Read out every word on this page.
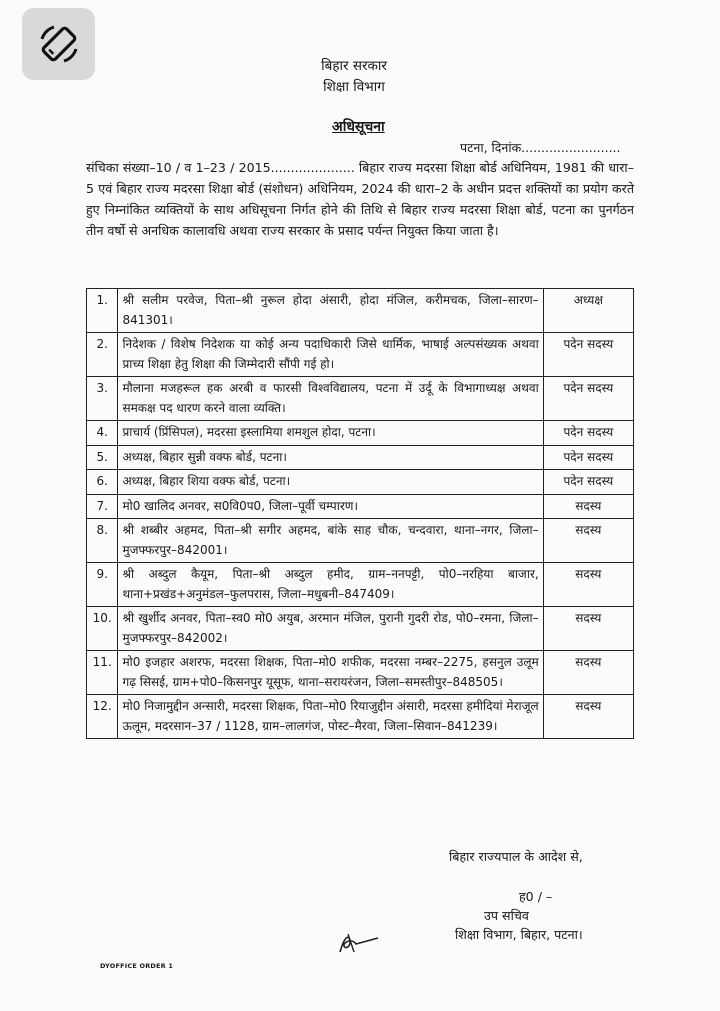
बिहार सरकार
शिक्षा विभाग
अधिसूचना
पटना, दिनांक.........................
संचिका संख्या–10 / व 1–23 / 2015..................... बिहार राज्य मदरसा शिक्षा बोर्ड अधिनियम, 1981 की धारा–5 एवं बिहार राज्य मदरसा शिक्षा बोर्ड (संशोधन) अधिनियम, 2024 की धारा–2 के अधीन प्रदत्त शक्तियों का प्रयोग करते हुए निम्नांकित व्यक्तियों के साथ अधिसूचना निर्गत होने की तिथि से बिहार राज्य मदरसा शिक्षा बोर्ड, पटना का पुनर्गठन तीन वर्षो से अनधिक कालावधि अथवा राज्य सरकार के प्रसाद पर्यन्त नियुक्त किया जाता है।
1.	श्री सलीम परवेज, पिता–श्री नुरूल होदा अंसारी, होदा मंजिल, करीमचक, जिला–सारण–841301।	अध्यक्ष
2.	निदेशक / विशेष निदेशक या कोई अन्य पदाधिकारी जिसे धार्मिक, भाषाई अल्पसंख्यक अथवा प्राच्य शिक्षा हेतु शिक्षा की जिम्मेदारी सौंपी गई हो।	पदेन सदस्य
3.	मौलाना मजहरूल हक अरबी व फारसी विश्वविद्यालय, पटना में उर्दू के विभागाध्यक्ष अथवा समकक्ष पद धारण करने वाला व्यक्ति।	पदेन सदस्य
4.	प्राचार्य (प्रिंसिपल), मदरसा इस्लामिया शमशुल होदा, पटना।	पदेन सदस्य
5.	अध्यक्ष, बिहार सुन्नी वक्फ बोर्ड, पटना।	पदेन सदस्य
6.	अध्यक्ष, बिहार शिया वक्फ बोर्ड, पटना।	पदेन सदस्य
7.	मो0 खालिद अनवर, स0वि0प0, जिला–पूर्वी चम्पारण।	सदस्य
8.	श्री शब्बीर अहमद, पिता–श्री सगीर अहमद, बांके साह चौक, चन्दवारा, थाना–नगर, जिला–मुजफ्फरपुर–842001।	सदस्य
9.	श्री अब्दुल कैयूम, पिता–श्री अब्दुल हमीद, ग्राम–ननपट्टी, पो0–नरहिया बाजार, थाना+प्रखंड+अनुमंडल–फुलपरास, जिला–मधुबनी–847409।	सदस्य
10.	श्री खुर्शीद अनवर, पिता–स्व0 मो0 अयुब, अरमान मंजिल, पुरानी गुदरी रोड, पो0–रमना, जिला–मुजफ्फरपुर–842002।	सदस्य
11.	मो0 इजहार अशरफ, मदरसा शिक्षक, पिता–मो0 शफीक, मदरसा नम्बर–2275, हसनुल उलूम गढ़ सिसई, ग्राम+पो0–किसनपुर यूसूफ, थाना–सरायरंजन, जिला–समस्तीपुर–848505।	सदस्य
12.	मो0 निजामुद्दीन अन्सारी, मदरसा शिक्षक, पिता–मो0 रियाजुद्दीन अंसारी, मदरसा हमीदियां मेराजूल ऊलूम, मदरसान–37 / 1128, ग्राम–लालगंज, पोस्ट–मैरवा, जिला–सिवान–841239।	सदस्य
बिहार राज्यपाल के आदेश से,
ह0 / –
उप सचिव
शिक्षा विभाग, बिहार, पटना।
DYOFFICE ORDER 1
